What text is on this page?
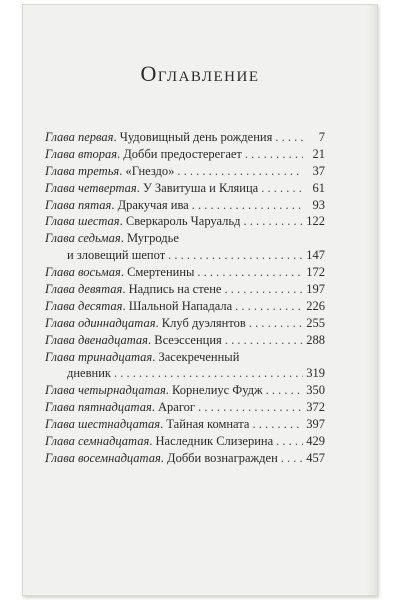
Оглавление
Глава первая. Чудовищный день рождения . . .	7
Глава вторая. Добби предостерегает . . .	21
Глава третья. «Гнездо» . . .	37
Глава четвертая. У Завитуша и Кляица . . .	61
Глава пятая. Дракучая ива . . .	93
Глава шестая. Сверкароль Чаруальд . . .	122
Глава седьмая. Мугродье
и зловещий шепот . . .	147
Глава восьмая. Смертенины . . .	172
Глава девятая. Надпись на стене . . .	197
Глава десятая. Шальной Нападала . . .	226
Глава одиннадцатая. Клуб дуэлянтов . . .	255
Глава двенадцатая. Всеэссенция . . .	288
Глава тринадцатая. Засекреченный
дневник . . .	319
Глава четырнадцатая. Корнелиус Фудж . . .	350
Глава пятнадцатая. Арагог . . .	372
Глава шестнадцатая. Тайная комната . . .	397
Глава семнадцатая. Наследник Слизерина . . .	429
Глава восемнадцатая. Добби вознагражден . . . 457
